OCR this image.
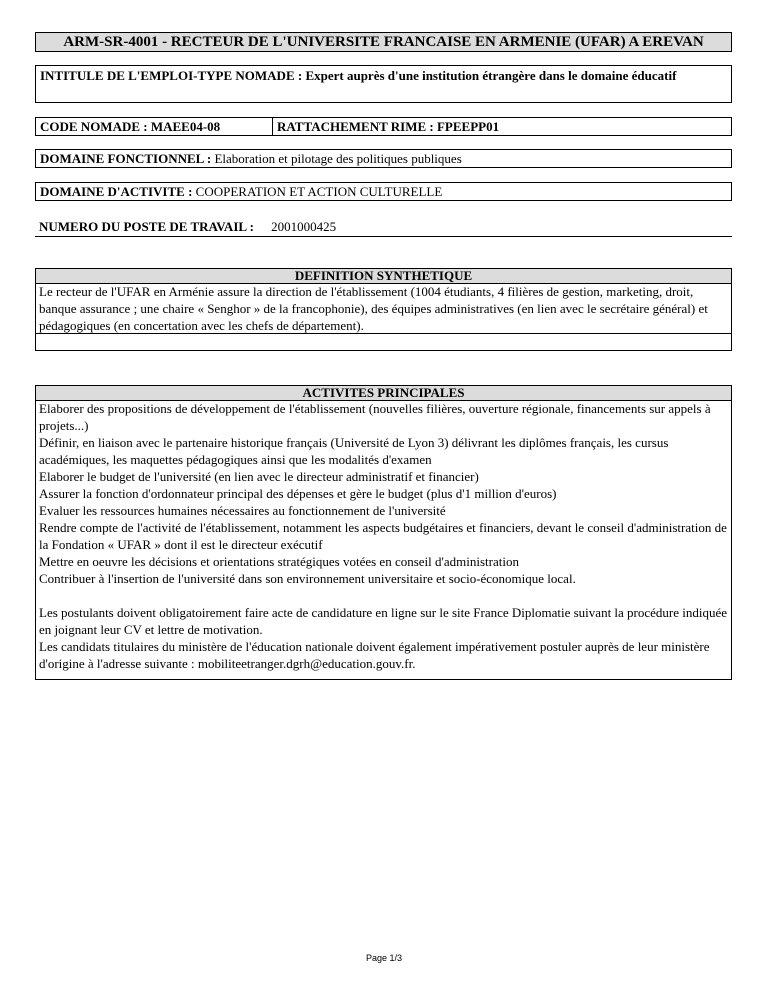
ARM-SR-4001 - RECTEUR DE L'UNIVERSITE FRANCAISE EN ARMENIE (UFAR) A EREVAN
INTITULE DE L'EMPLOI-TYPE NOMADE : Expert auprès d'une institution étrangère dans le domaine éducatif
CODE NOMADE : MAEE04-08	RATTACHEMENT RIME : FPEEPP01
DOMAINE FONCTIONNEL : Elaboration et pilotage des politiques publiques
DOMAINE D'ACTIVITE : COOPERATION ET ACTION CULTURELLE
NUMERO DU POSTE DE TRAVAIL : 2001000425
DEFINITION SYNTHETIQUE
Le recteur de l'UFAR en Arménie assure la direction de l'établissement (1004 étudiants, 4 filières de gestion, marketing, droit, banque assurance ; une chaire « Senghor » de la francophonie), des équipes administratives (en lien avec le secrétaire général) et pédagogiques (en concertation avec les chefs de département).
ACTIVITES PRINCIPALES

Elaborer des propositions de développement de l'établissement (nouvelles filières, ouverture régionale, financements sur appels à projets...)

Définir, en liaison avec le partenaire historique français (Université de Lyon 3) délivrant les diplômes français, les cursus académiques, les maquettes pédagogiques ainsi que les modalités d'examen

Elaborer le budget de l'université (en lien avec le directeur administratif et financier)

Assurer la fonction d'ordonnateur principal des dépenses et gère le budget (plus d'1 million d'euros)

Evaluer les ressources humaines nécessaires au fonctionnement de l'université

Rendre compte de l'activité de l'établissement, notamment les aspects budgétaires et financiers, devant le conseil d'administration de la Fondation « UFAR » dont il est le directeur exécutif

Mettre en oeuvre les décisions et orientations stratégiques votées en conseil d'administration

Contribuer à l'insertion de l'université dans son environnement universitaire et socio-économique local.

Les postulants doivent obligatoirement faire acte de candidature en ligne sur le site France Diplomatie suivant la procédure indiquée en joignant leur CV et lettre de motivation.

Les candidats titulaires du ministère de l'éducation nationale doivent également impérativement postuler auprès de leur ministère d'origine à l'adresse suivante : mobiliteetranger.dgrh@education.gouv.fr.

Page 1/3
